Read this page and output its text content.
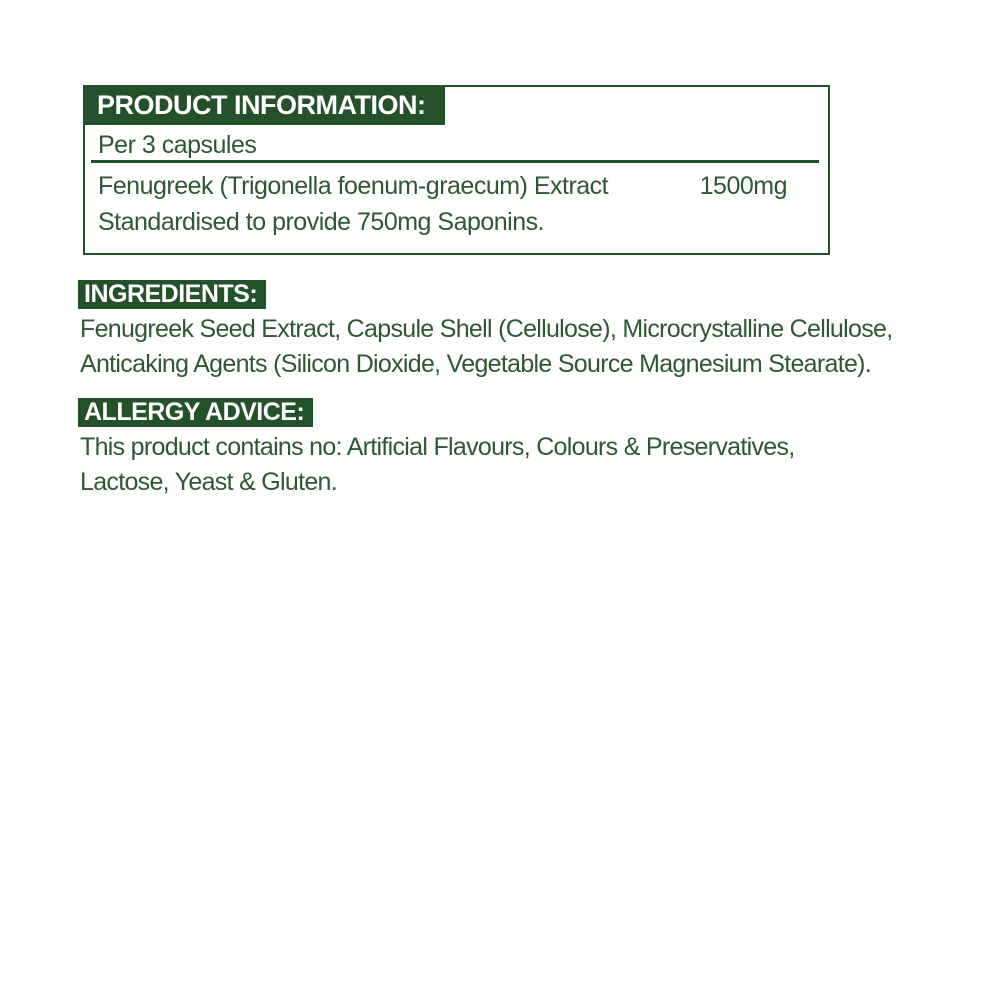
PRODUCT INFORMATION:
Per 3 capsules
Fenugreek (Trigonella foenum-graecum) Extract	1500mg
Standardised to provide 750mg Saponins.
INGREDIENTS:
Fenugreek Seed Extract, Capsule Shell (Cellulose), Microcrystalline Cellulose,
Anticaking Agents (Silicon Dioxide, Vegetable Source Magnesium Stearate).
ALLERGY ADVICE:
This product contains no: Artificial Flavours, Colours & Preservatives,
Lactose, Yeast & Gluten.
